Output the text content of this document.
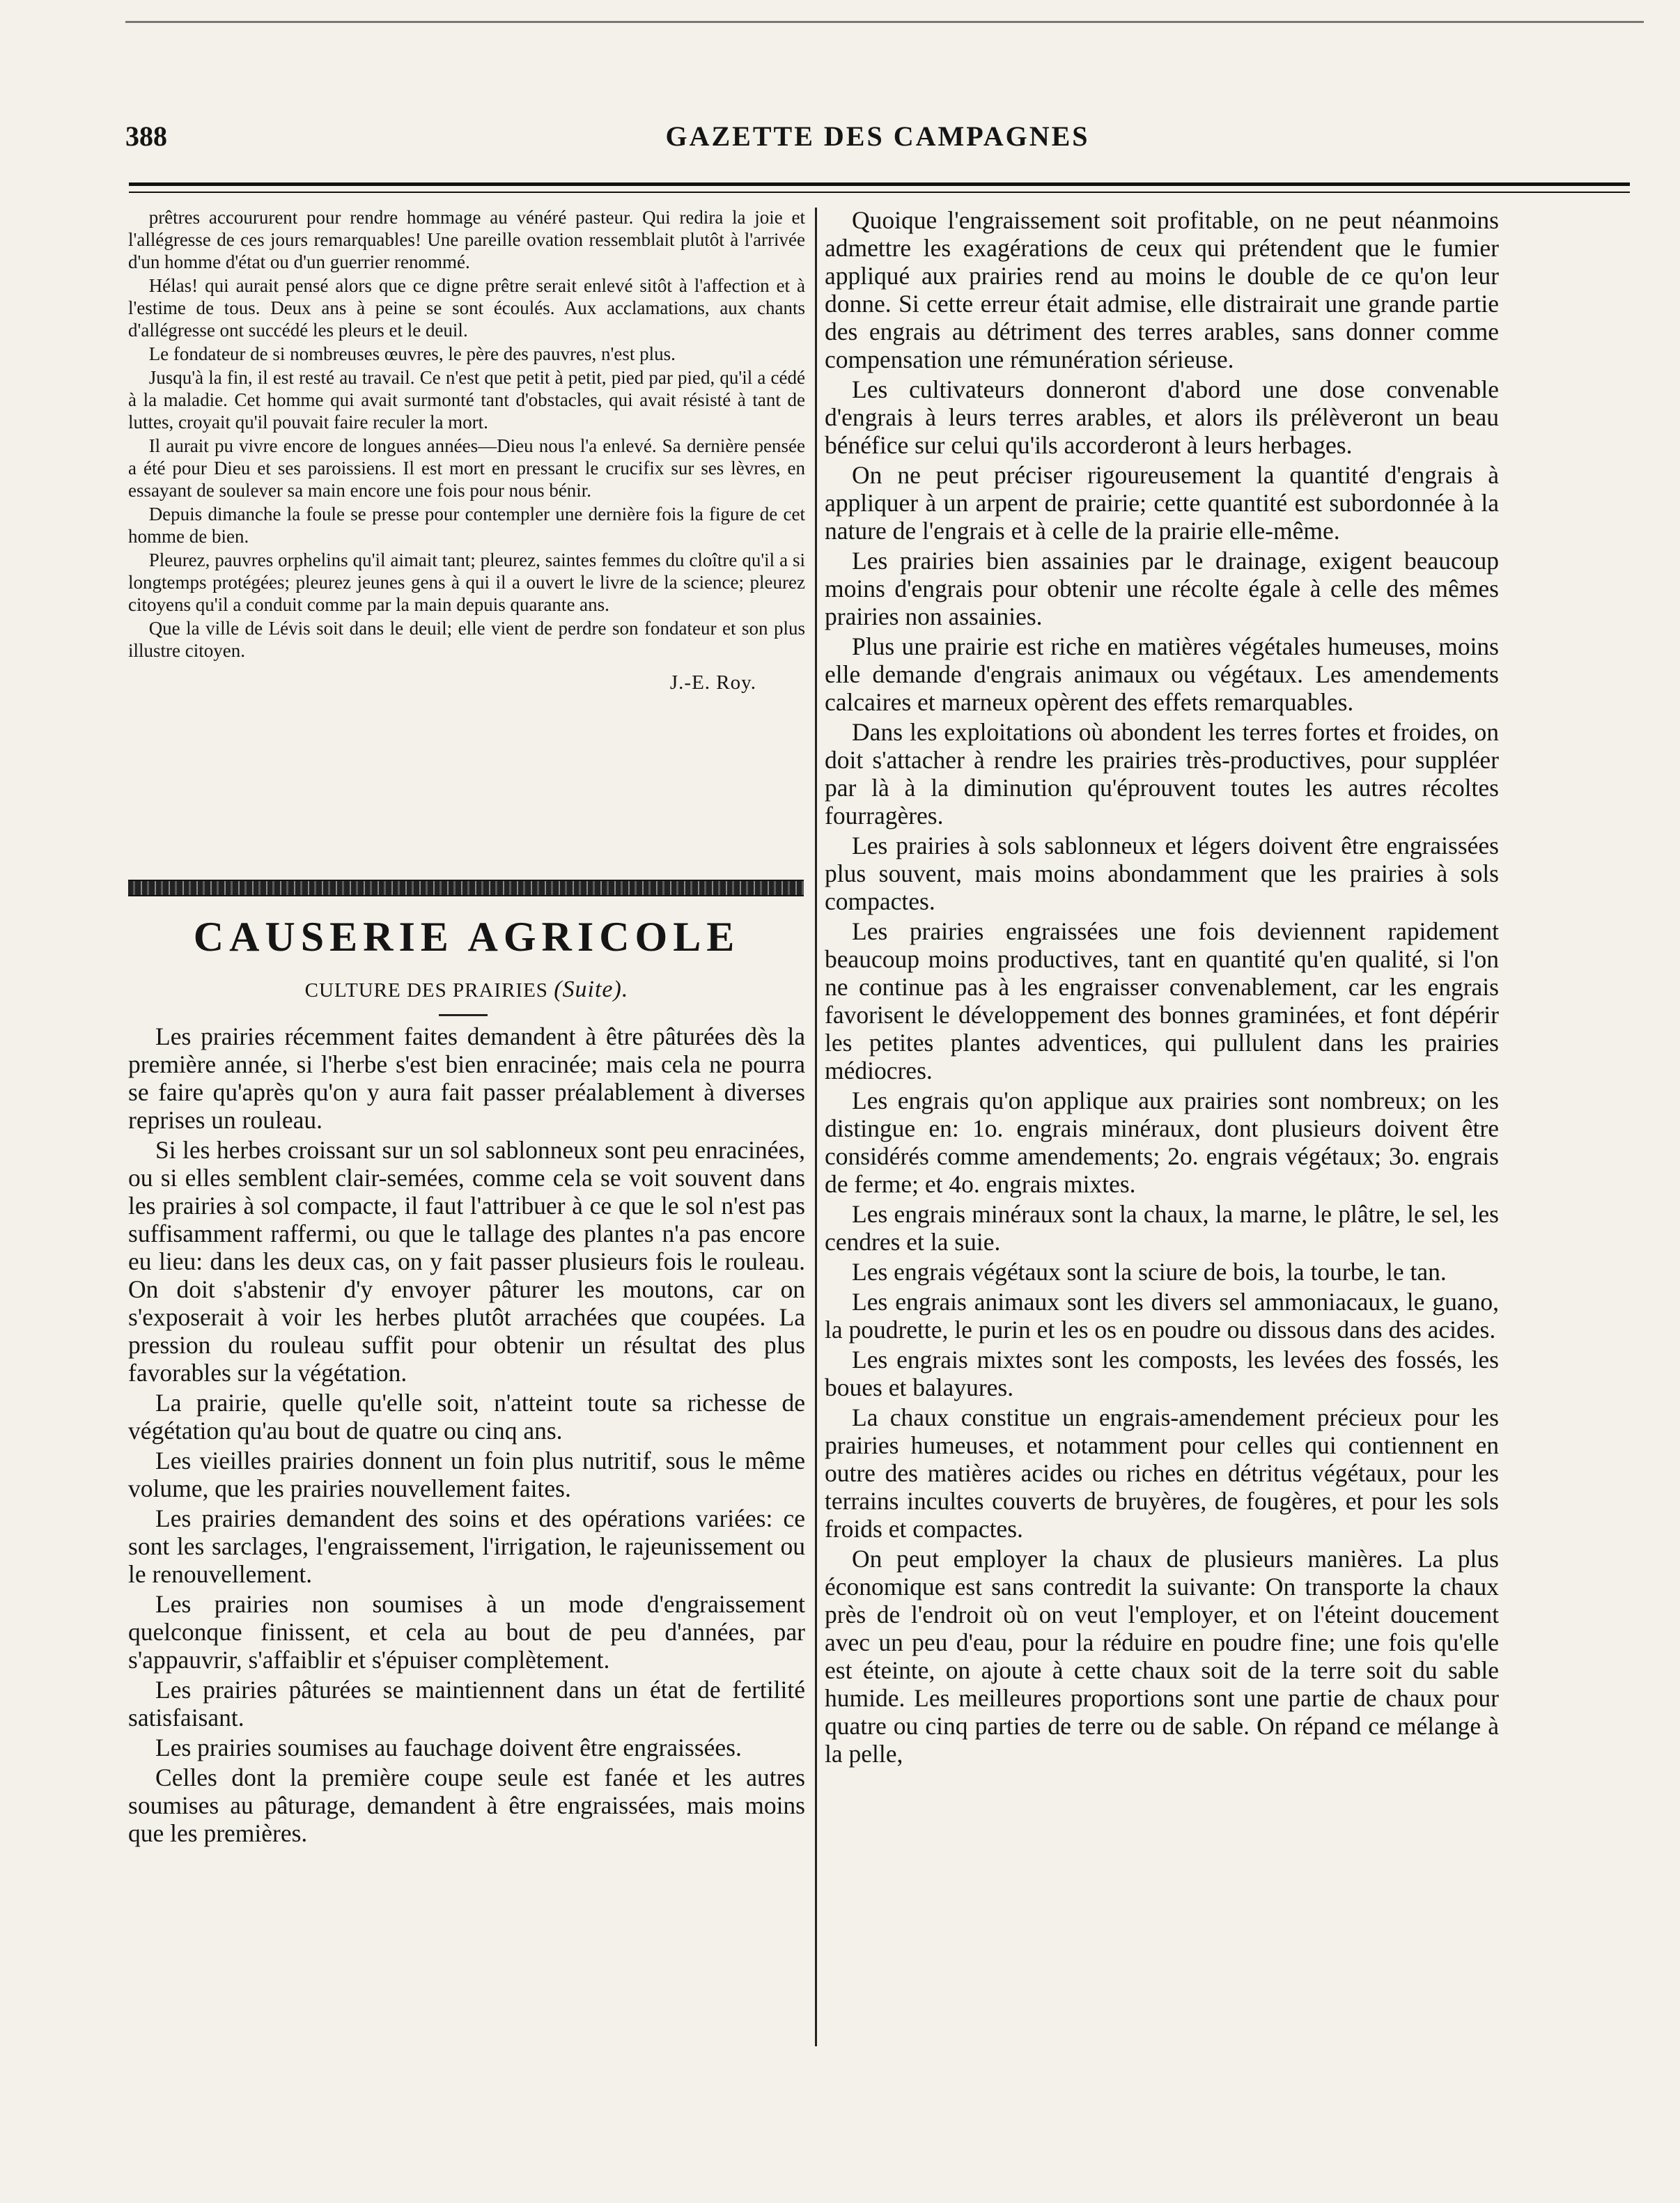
388	GAZETTE DES CAMPAGNES

prêtres accoururent pour rendre hommage au vénéré pasteur. Qui redira la joie et l'allégresse de ces jours remarquables! Une pareille ovation ressemblait plutôt à l'arrivée d'un homme d'état ou d'un guerrier renommé.

Hélas! qui aurait pensé alors que ce digne prêtre serait enlevé sitôt à l'affection et à l'estime de tous. Deux ans à peine se sont écoulés. Aux acclamations, aux chants d'allégresse ont succédé les pleurs et le deuil.

Le fondateur de si nombreuses œuvres, le père des pauvres, n'est plus.

Jusqu'à la fin, il est resté au travail. Ce n'est que petit à petit, pied par pied, qu'il a cédé à la maladie. Cet homme qui avait surmonté tant d'obstacles, qui avait résisté à tant de luttes, croyait qu'il pouvait faire reculer la mort.

Il aurait pu vivre encore de longues années—Dieu nous l'a enlevé. Sa dernière pensée a été pour Dieu et ses paroissiens. Il est mort en pressant le crucifix sur ses lèvres, en essayant de soulever sa main encore une fois pour nous bénir.

Depuis dimanche la foule se presse pour contempler une dernière fois la figure de cet homme de bien.

Pleurez, pauvres orphelins qu'il aimait tant; pleurez, saintes femmes du cloître qu'il a si longtemps protégées; pleurez jeunes gens à qui il a ouvert le livre de la science; pleurez citoyens qu'il a conduit comme par la main depuis quarante ans.

Que la ville de Lévis soit dans le deuil; elle vient de perdre son fondateur et son plus illustre citoyen.

J.-E. Roy.
CAUSERIE AGRICOLE
CULTURE DES PRAIRIES (Suite).

Les prairies récemment faites demandent à être pâturées dès la première année, si l'herbe s'est bien enracinée; mais cela ne pourra se faire qu'après qu'on y aura fait passer préalablement à diverses reprises un rouleau.

Si les herbes croissant sur un sol sablonneux sont peu enracinées, ou si elles semblent clair-semées, comme cela se voit souvent dans les prairies à sol compacte, il faut l'attribuer à ce que le sol n'est pas suffisamment raffermi, ou que le tallage des plantes n'a pas encore eu lieu: dans les deux cas, on y fait passer plusieurs fois le rouleau. On doit s'abstenir d'y envoyer pâturer les moutons, car on s'exposerait à voir les herbes plutôt arrachées que coupées. La pression du rouleau suffit pour obtenir un résultat des plus favorables sur la végétation.

La prairie, quelle qu'elle soit, n'atteint toute sa richesse de végétation qu'au bout de quatre ou cinq ans.

Les vieilles prairies donnent un foin plus nutritif, sous le même volume, que les prairies nouvellement faites.

Les prairies demandent des soins et des opérations variées: ce sont les sarclages, l'engraissement, l'irrigation, le rajeunissement ou le renouvellement.

Les prairies non soumises à un mode d'engraissement quelconque finissent, et cela au bout de peu d'années, par s'appauvrir, s'affaiblir et s'épuiser complètement.

Les prairies pâturées se maintiennent dans un état de fertilité satisfaisant.

Les prairies soumises au fauchage doivent être engraissées.

Celles dont la première coupe seule est fanée et les autres soumises au pâturage, demandent à être engraissées, mais moins que les premières.

Quoique l'engraissement soit profitable, on ne peut néanmoins admettre les exagérations de ceux qui prétendent que le fumier appliqué aux prairies rend au moins le double de ce qu'on leur donne. Si cette erreur était admise, elle distrairait une grande partie des engrais au détriment des terres arables, sans donner comme compensation une rémunération sérieuse.

Les cultivateurs donneront d'abord une dose convenable d'engrais à leurs terres arables, et alors ils prélèveront un beau bénéfice sur celui qu'ils accorderont à leurs herbages.

On ne peut préciser rigoureusement la quantité d'engrais à appliquer à un arpent de prairie; cette quantité est subordonnée à la nature de l'engrais et à celle de la prairie elle-même.

Les prairies bien assainies par le drainage, exigent beaucoup moins d'engrais pour obtenir une récolte égale à celle des mêmes prairies non assainies.

Plus une prairie est riche en matières végétales humeuses, moins elle demande d'engrais animaux ou végétaux. Les amendements calcaires et marneux opèrent des effets remarquables.

Dans les exploitations où abondent les terres fortes et froides, on doit s'attacher à rendre les prairies très-productives, pour suppléer par là à la diminution qu'éprouvent toutes les autres récoltes fourragères.

Les prairies à sols sablonneux et légers doivent être engraissées plus souvent, mais moins abondamment que les prairies à sols compactes.

Les prairies engraissées une fois deviennent rapidement beaucoup moins productives, tant en quantité qu'en qualité, si l'on ne continue pas à les engraisser convenablement, car les engrais favorisent le développement des bonnes graminées, et font dépérir les petites plantes adventices, qui pullulent dans les prairies médiocres.

Les engrais qu'on applique aux prairies sont nombreux; on les distingue en: 1o. engrais minéraux, dont plusieurs doivent être considérés comme amendements; 2o. engrais végétaux; 3o. engrais de ferme; et 4o. engrais mixtes.

Les engrais minéraux sont la chaux, la marne, le plâtre, le sel, les cendres et la suie.

Les engrais végétaux sont la sciure de bois, la tourbe, le tan.

Les engrais animaux sont les divers sel ammoniacaux, le guano, la poudrette, le purin et les os en poudre ou dissous dans des acides.

Les engrais mixtes sont les composts, les levées des fossés, les boues et balayures.

La chaux constitue un engrais-amendement précieux pour les prairies humeuses, et notamment pour celles qui contiennent en outre des matières acides ou riches en détritus végétaux, pour les terrains incultes couverts de bruyères, de fougères, et pour les sols froids et compactes.

On peut employer la chaux de plusieurs manières. La plus économique est sans contredit la suivante: On transporte la chaux près de l'endroit où on veut l'employer, et on l'éteint doucement avec un peu d'eau, pour la réduire en poudre fine; une fois qu'elle est éteinte, on ajoute à cette chaux soit de la terre soit du sable humide. Les meilleures proportions sont une partie de chaux pour quatre ou cinq parties de terre ou de sable. On répand ce mélange à la pelle,
